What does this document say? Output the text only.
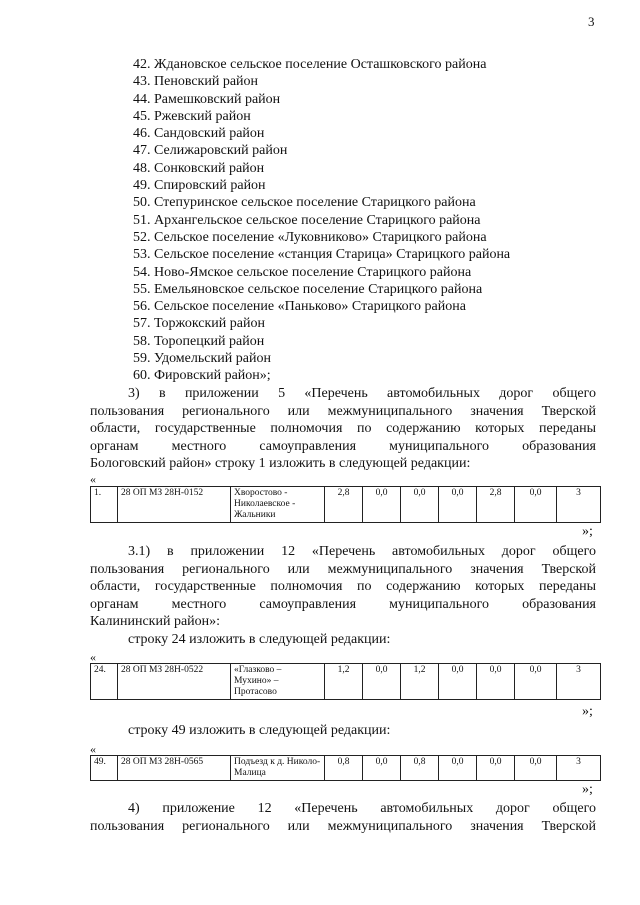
3
42. Ждановское сельское поселение Осташковского района
43. Пеновский район
44. Рамешковский район
45. Ржевский район
46. Сандовский район
47. Селижаровский район
48. Сонковский район
49. Спировский район
50. Степуринское сельское поселение Старицкого района
51. Архангельское сельское поселение Старицкого района
52. Сельское поселение «Луковниково» Старицкого района
53. Сельское поселение «станция Старица» Старицкого района
54. Ново-Ямское сельское поселение Старицкого района
55. Емельяновское сельское поселение Старицкого района
56. Сельское поселение «Паньково» Старицкого района
57. Торжокский район
58. Торопецкий район
59. Удомельский район
60. Фировский район»;
3) в приложении 5 «Перечень автомобильных дорог общего
пользования регионального или межмуниципального значения Тверской
области, государственные полномочия по содержанию которых переданы
органам местного самоуправления муниципального образования
Бологовский район» строку 1 изложить в следующей редакции:
«
1.	28 ОП МЗ 28Н-0152	Хворостово - Николаевское - Жальники	2,8	0,0	0,0	0,0	2,8	0,0	3
»;
3.1) в приложении 12 «Перечень автомобильных дорог общего
пользования регионального или межмуниципального значения Тверской
области, государственные полномочия по содержанию которых переданы
органам местного самоуправления муниципального образования
Калининский район»:
строку 24 изложить в следующей редакции:
«
24.	28 ОП МЗ 28Н-0522	«Глазково – Мухино» – Протасово	1,2	0,0	1,2	0,0	0,0	0,0	3
»;
строку 49 изложить в следующей редакции:
«
49.	28 ОП МЗ 28Н-0565	Подъезд к д. Николо-Малица	0,8	0,0	0,8	0,0	0,0	0,0	3
»;
4) приложение 12 «Перечень автомобильных дорог общего
пользования регионального или межмуниципального значения Тверской
